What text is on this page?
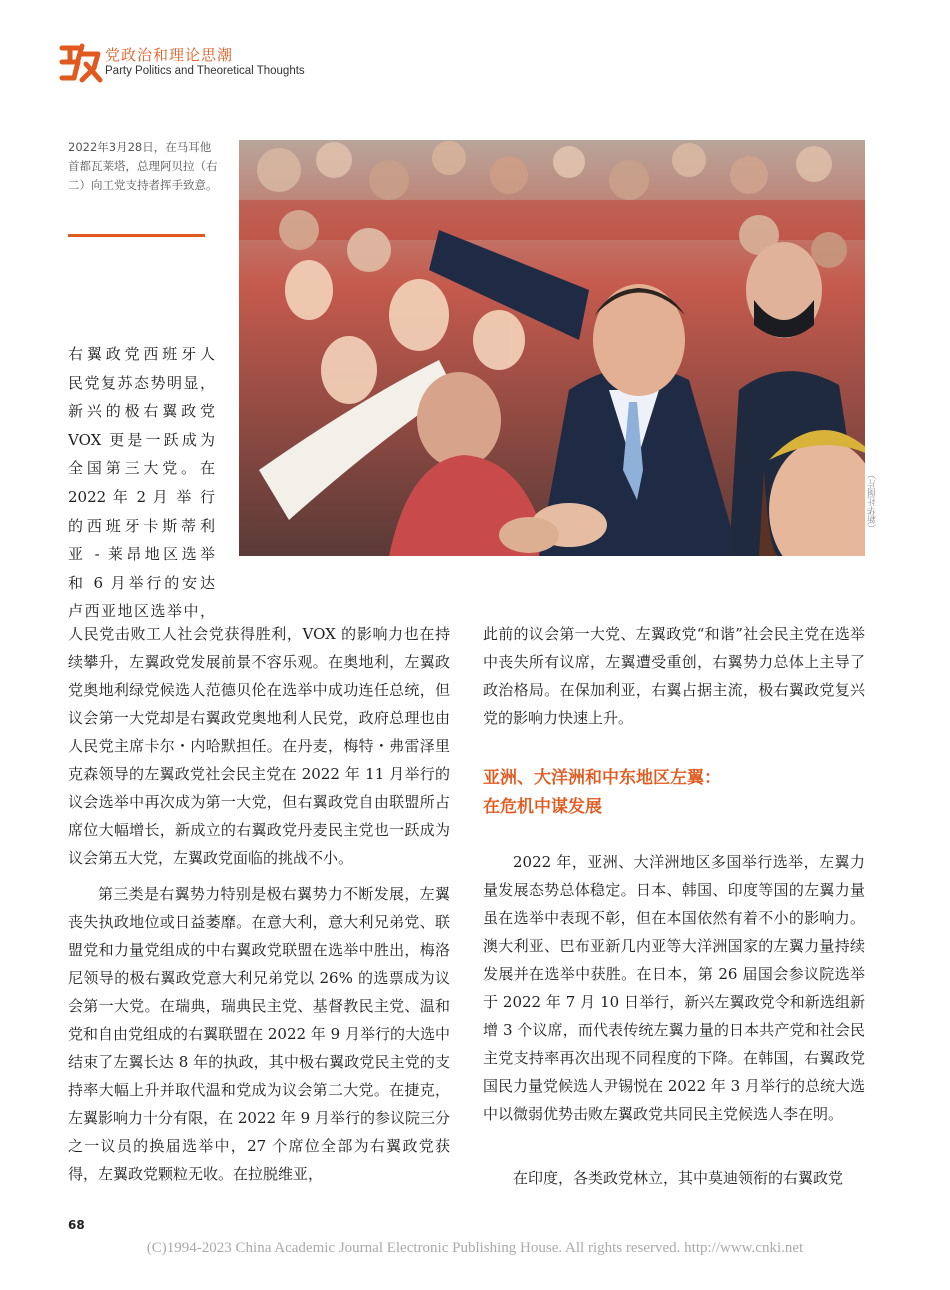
党政治和理论思潮
Party Politics and Theoretical Thoughts
2022年3月28日，在马耳他首都瓦莱塔，总理阿贝拉（右二）向工党支持者挥手致意。
（新华社图片）
右翼政党西班牙人
民党复苏态势明显，
新兴的极右翼政党
VOX 更是一跃成为
全国第三大党。在
2022 年 2 月 举 行
的西班牙卡斯蒂利
亚 - 莱昂地区选举
和 6 月举行的安达
卢西亚地区选举中，

人民党击败工人社会党获得胜利，VOX 的影响力也在持续攀升，左翼政党发展前景不容乐观。在奥地利，左翼政党奥地利绿党候选人范德贝伦在选举中成功连任总统，但议会第一大党却是右翼政党奥地利人民党，政府总理也由人民党主席卡尔・内哈默担任。在丹麦，梅特・弗雷泽里克森领导的左翼政党社会民主党在 2022 年 11 月举行的议会选举中再次成为第一大党，但右翼政党自由联盟所占席位大幅增长，新成立的右翼政党丹麦民主党也一跃成为议会第五大党，左翼政党面临的挑战不小。

第三类是右翼势力特别是极右翼势力不断发展，左翼丧失执政地位或日益萎靡。在意大利，意大利兄弟党、联盟党和力量党组成的中右翼政党联盟在选举中胜出，梅洛尼领导的极右翼政党意大利兄弟党以 26% 的选票成为议会第一大党。在瑞典，瑞典民主党、基督教民主党、温和党和自由党组成的右翼联盟在 2022 年 9 月举行的大选中结束了左翼长达 8 年的执政，其中极右翼政党民主党的支持率大幅上升并取代温和党成为议会第二大党。在捷克，左翼影响力十分有限，在 2022 年 9 月举行的参议院三分之一议员的换届选举中，27 个席位全部为右翼政党获得，左翼政党颗粒无收。在拉脱维亚，

此前的议会第一大党、左翼政党“和谐”社会民主党在选举中丧失所有议席，左翼遭受重创，右翼势力总体上主导了政治格局。在保加利亚，右翼占据主流，极右翼政党复兴党的影响力快速上升。

亚洲、大洋洲和中东地区左翼：
在危机中谋发展

2022 年，亚洲、大洋洲地区多国举行选举，左翼力量发展态势总体稳定。日本、韩国、印度等国的左翼力量虽在选举中表现不彰，但在本国依然有着不小的影响力。澳大利亚、巴布亚新几内亚等大洋洲国家的左翼力量持续发展并在选举中获胜。在日本，第 26 届国会参议院选举于 2022 年 7 月 10 日举行，新兴左翼政党令和新选组新增 3 个议席，而代表传统左翼力量的日本共产党和社会民主党支持率再次出现不同程度的下降。在韩国，右翼政党国民力量党候选人尹锡悦在 2022 年 3 月举行的总统大选中以微弱优势击败左翼政党共同民主党候选人李在明。

在印度，各类政党林立，其中莫迪领衔的右翼政党

68
(C)1994-2023 China Academic Journal Electronic Publishing House. All rights reserved. http://www.cnki.net
